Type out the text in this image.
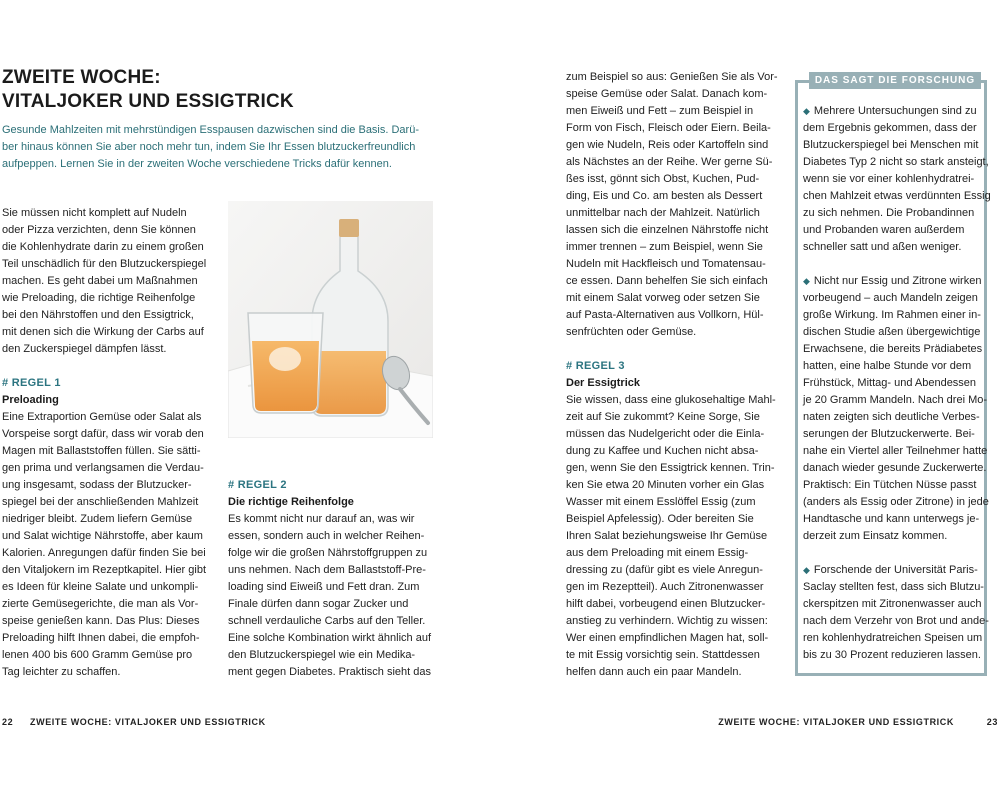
ZWEITE WOCHE:
VITALJOKER UND ESSIGTRICK
Gesunde Mahlzeiten mit mehrstündigen Esspausen dazwischen sind die Basis. Darü-
ber hinaus können Sie aber noch mehr tun, indem Sie Ihr Essen blutzuckerfreundlich
aufpeppen. Lernen Sie in der zweiten Woche verschiedene Tricks dafür kennen.
Sie müssen nicht komplett auf Nudeln
oder Pizza verzichten, denn Sie können
die Kohlenhydrate darin zu einem großen
Teil unschädlich für den Blutzuckerspiegel
machen. Es geht dabei um Maßnahmen
wie Preloading, die richtige Reihenfolge
bei den Nährstoffen und den Essigtrick,
mit denen sich die Wirkung der Carbs auf
den Zuckerspiegel dämpfen lässt.
# REGEL 1
Preloading
Eine Extraportion Gemüse oder Salat als
Vorspeise sorgt dafür, dass wir vorab den
Magen mit Ballaststoffen füllen. Sie sätti-
gen prima und verlangsamen die Verdau-
ung insgesamt, sodass der Blutzucker-
spiegel bei der anschließenden Mahlzeit
niedriger bleibt. Zudem liefern Gemüse
und Salat wichtige Nährstoffe, aber kaum
Kalorien. Anregungen dafür finden Sie bei
den Vitaljokern im Rezeptkapitel. Hier gibt
es Ideen für kleine Salate und unkompli-
zierte Gemüsegerichte, die man als Vor-
speise genießen kann. Das Plus: Dieses
Preloading hilft Ihnen dabei, die empfoh-
lenen 400 bis 600 Gramm Gemüse pro
Tag leichter zu schaffen.
# REGEL 2
Die richtige Reihenfolge
Es kommt nicht nur darauf an, was wir
essen, sondern auch in welcher Reihen-
folge wir die großen Nährstoffgruppen zu
uns nehmen. Nach dem Ballaststoff-Pre-
loading sind Eiweiß und Fett dran. Zum
Finale dürfen dann sogar Zucker und
schnell verdauliche Carbs auf den Teller.
Eine solche Kombination wirkt ähnlich auf
den Blutzuckerspiegel wie ein Medika-
ment gegen Diabetes. Praktisch sieht das
zum Beispiel so aus: Genießen Sie als Vor-
speise Gemüse oder Salat. Danach kom-
men Eiweiß und Fett – zum Beispiel in
Form von Fisch, Fleisch oder Eiern. Beila-
gen wie Nudeln, Reis oder Kartoffeln sind
als Nächstes an der Reihe. Wer gerne Sü-
ßes isst, gönnt sich Obst, Kuchen, Pud-
ding, Eis und Co. am besten als Dessert
unmittelbar nach der Mahlzeit. Natürlich
lassen sich die einzelnen Nährstoffe nicht
immer trennen – zum Beispiel, wenn Sie
Nudeln mit Hackfleisch und Tomatensau-
ce essen. Dann behelfen Sie sich einfach
mit einem Salat vorweg oder setzen Sie
auf Pasta-Alternativen aus Vollkorn, Hül-
senfrüchten oder Gemüse.
# REGEL 3
Der Essigtrick
Sie wissen, dass eine glukosehaltige Mahl-
zeit auf Sie zukommt? Keine Sorge, Sie
müssen das Nudelgericht oder die Einla-
dung zu Kaffee und Kuchen nicht absa-
gen, wenn Sie den Essigtrick kennen. Trin-
ken Sie etwa 20 Minuten vorher ein Glas
Wasser mit einem Esslöffel Essig (zum
Beispiel Apfelessig). Oder bereiten Sie
Ihren Salat beziehungsweise Ihr Gemüse
aus dem Preloading mit einem Essig-
dressing zu (dafür gibt es viele Anregun-
gen im Rezeptteil). Auch Zitronenwasser
hilft dabei, vorbeugend einen Blutzucker-
anstieg zu verhindern. Wichtig zu wissen:
Wer einen empfindlichen Magen hat, soll-
te mit Essig vorsichtig sein. Stattdessen
helfen dann auch ein paar Mandeln.
DAS SAGT DIE FORSCHUNG
◆ Mehrere Untersuchungen sind zu
dem Ergebnis gekommen, dass der
Blutzuckerspiegel bei Menschen mit
Diabetes Typ 2 nicht so stark ansteigt,
wenn sie vor einer kohlenhydratrei-
chen Mahlzeit etwas verdünnten Essig
zu sich nehmen. Die Probandinnen
und Probanden waren außerdem
schneller satt und aßen weniger.
◆ Nicht nur Essig und Zitrone wirken
vorbeugend – auch Mandeln zeigen
große Wirkung. Im Rahmen einer in-
dischen Studie aßen übergewichtige
Erwachsene, die bereits Prädiabetes
hatten, eine halbe Stunde vor dem
Frühstück, Mittag- und Abendessen
je 20 Gramm Mandeln. Nach drei Mo-
naten zeigten sich deutliche Verbes-
serungen der Blutzuckerwerte. Bei-
nahe ein Viertel aller Teilnehmer hatte
danach wieder gesunde Zuckerwerte.
Praktisch: Ein Tütchen Nüsse passt
(anders als Essig oder Zitrone) in jede
Handtasche und kann unterwegs je-
derzeit zum Einsatz kommen.
◆ Forschende der Universität Paris-
Saclay stellten fest, dass sich Blutzu-
ckerspitzen mit Zitronenwasser auch
nach dem Verzehr von Brot und ande-
ren kohlenhydratreichen Speisen um
bis zu 30 Prozent reduzieren lassen.
22 ZWEITE WOCHE: VITALJOKER UND ESSIGTRICK	ZWEITE WOCHE: VITALJOKER UND ESSIGTRICK	23
